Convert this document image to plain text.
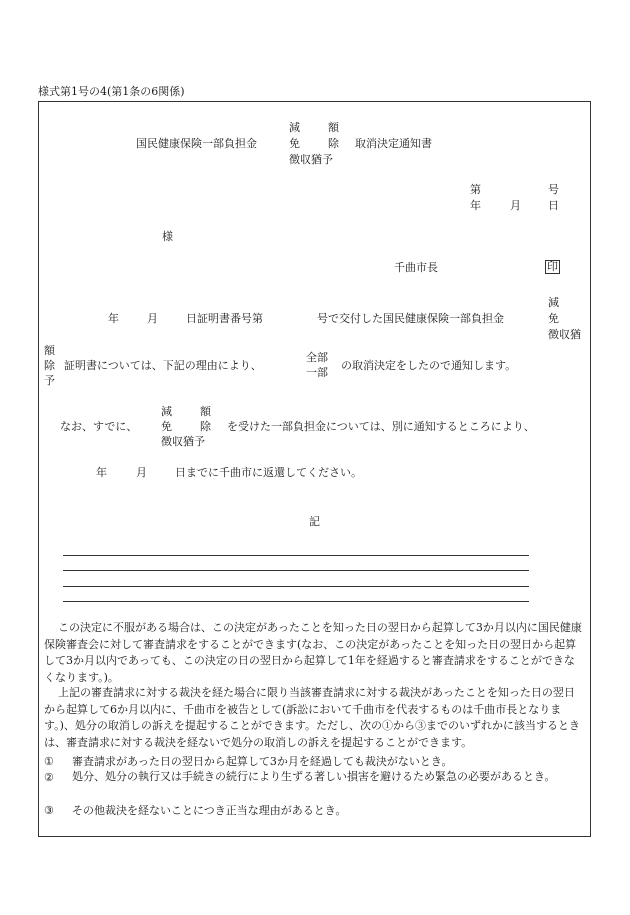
様式第1号の4(第1条の6関係)
国民健康保険一部負担金
減	額
免	除
徴収猶予
取消決定通知書
第	号
年	月 日
様
千曲市長	印
減
年	月	日証明書番号第	号で交付した国民健康保険一部負担金	免
徴収猶
額
除
予
証明書については、下記の理由により、
全部
一部
の取消決定をしたので通知します。
減	額
なお、すでに、 免	除 を受けた一部負担金については、別に通知するところにより、
徴収猶予
年	月	日までに千曲市に返還してください。
記
この決定に不服がある場合は、この決定があったことを知った日の翌日から起算して3か月以内に国民健康保険審査会に対して審査請求をすることができます(なお、この決定があったことを知った日の翌日から起算して3か月以内であっても、この決定の日の翌日から起算して1年を経過すると審査請求をすることができなくなります。)。
上記の審査請求に対する裁決を経た場合に限り当該審査請求に対する裁決があったことを知った日の翌日から起算して6か月以内に、千曲市を被告として(訴訟において千曲市を代表するものは千曲市長となります。)、処分の取消しの訴えを提起することができます。ただし、次の①から③までのいずれかに該当するときは、審査請求に対する裁決を経ないで処分の取消しの訴えを提起することができます。
① 審査請求があった日の翌日から起算して3か月を経過しても裁決がないとき。
②	処分、処分の執行又は手続きの続行により生ずる著しい損害を避けるため緊急の必要があるとき。
③ その他裁決を経ないことにつき正当な理由があるとき。
